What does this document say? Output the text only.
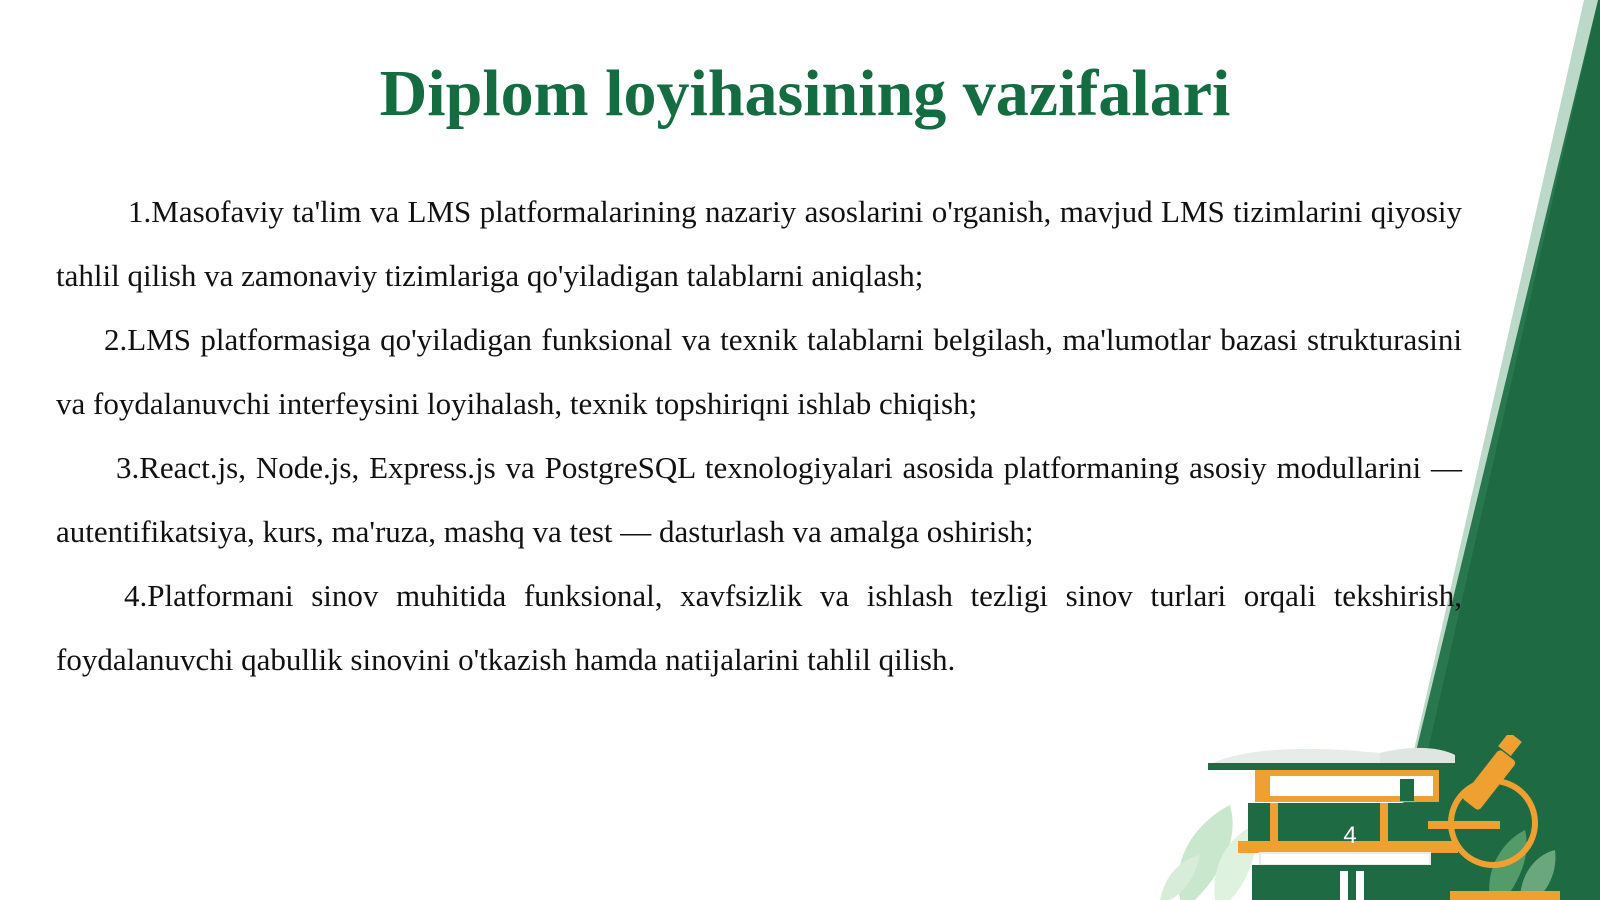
Diplom loyihasining vazifalari

1.Masofaviy ta'lim va LMS platformalarining nazariy asoslarini o'rganish, mavjud LMS tizimlarini qiyosiy tahlil qilish va zamonaviy tizimlariga qo'yiladigan talablarni aniqlash;

2.LMS platformasiga qo'yiladigan funksional va texnik talablarni belgilash, ma'lumotlar bazasi strukturasini va foydalanuvchi interfeysini loyihalash, texnik topshiriqni ishlab chiqish;

3.React.js, Node.js, Express.js va PostgreSQL texnologiyalari asosida platformaning asosiy modullarini — autentifikatsiya, kurs, ma'ruza, mashq va test — dasturlash va amalga oshirish;

4.Platformani sinov muhitida funksional, xavfsizlik va ishlash tezligi sinov turlari orqali tekshirish, foydalanuvchi qabullik sinovini o'tkazish hamda natijalarini tahlil qilish.

4
